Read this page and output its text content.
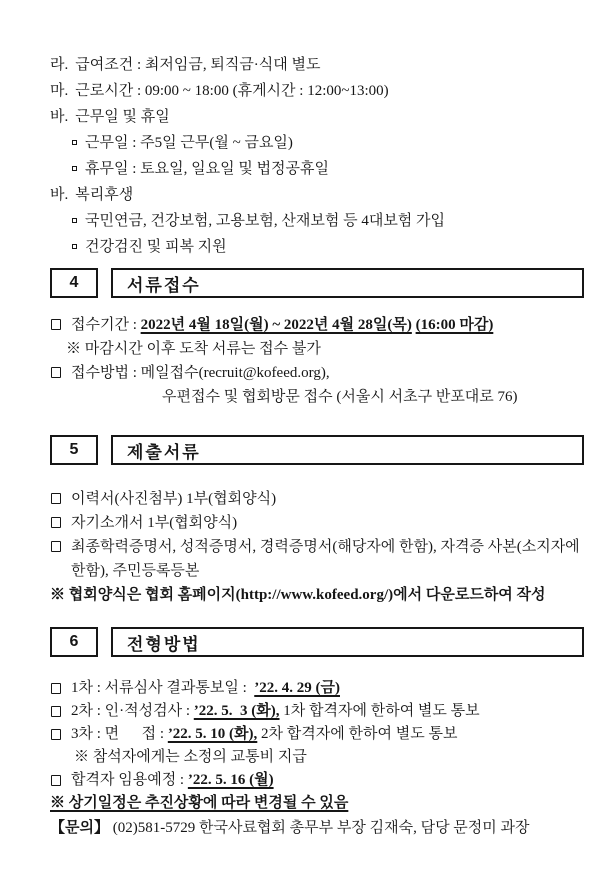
라. 급여조건 : 최저임금, 퇴직금·식대 별도
마. 근로시간 : 09:00 ~ 18:00 (휴게시간 : 12:00~13:00)
바. 근무일 및 휴일
근무일 : 주5일 근무(월 ~ 금요일)
휴무일 : 토요일, 일요일 및 법정공휴일
바. 복리후생
국민연금, 건강보험, 고용보험, 산재보험 등 4대보험 가입
건강검진 및 피복 지원
4	서류접수
접수기간 : 2022년 4월 18일(월) ~ 2022년 4월 28일(목) (16:00 마감)
※ 마감시간 이후 도착 서류는 접수 불가
접수방법 : 메일접수(recruit@kofeed.org),
우편접수 및 협회방문 접수 (서울시 서초구 반포대로 76)
5	제출서류
이력서(사진첨부) 1부(협회양식)
자기소개서 1부(협회양식)
최종학력증명서, 성적증명서, 경력증명서(해당자에 한함), 자격증 사본(소지자에 한함), 주민등록등본
※ 협회양식은 협회 홈페이지(http://www.kofeed.org/)에서 다운로드하여 작성
6	전형방법
1차 : 서류심사 결과통보일 :  ’22. 4. 29 (금)
2차 : 인·적성검사 : ’22. 5.  3 (화), 1차 합격자에 한하여 별도 통보
3차 : 면      접 : ’22. 5. 10 (화), 2차 합격자에 한하여 별도 통보
※ 참석자에게는 소정의 교통비 지급
합격자 임용예정 : ’22. 5. 16 (월)
※ 상기일정은 추진상황에 따라 변경될 수 있음
【문의】 (02)581-5729 한국사료협회 총무부 부장 김재숙, 담당 문정미 과장
